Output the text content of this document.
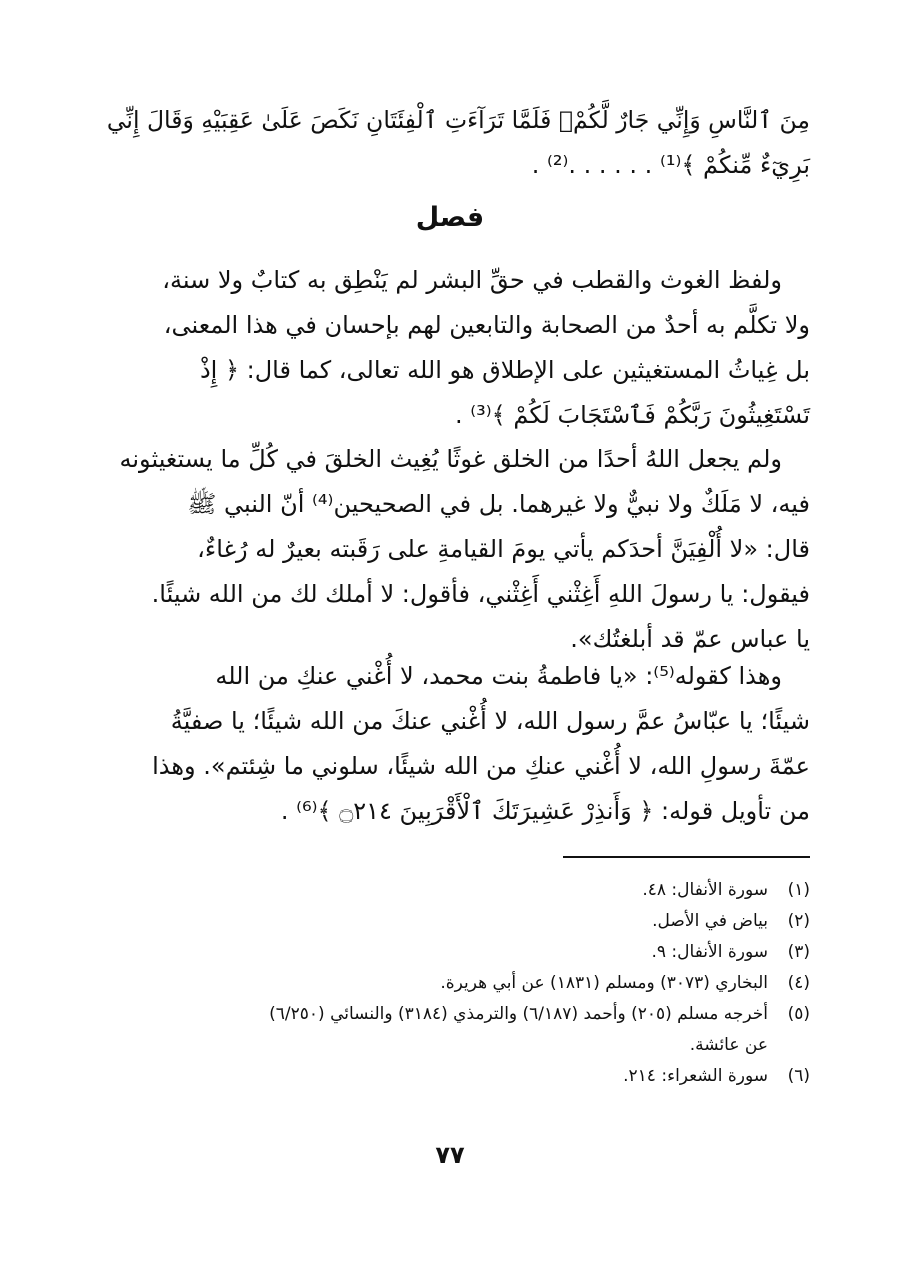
مِنَ ٱلنَّاسِ وَإِنِّي جَارٌ لَّكُمْۖ فَلَمَّا تَرَآءَتِ ٱلْفِئَتَانِ نَكَصَ عَلَىٰ عَقِبَيْهِ وَقَالَ إِنِّي
بَرِيٓءٌ مِّنكُمْ ﴾⁽¹⁾ . . . . . .⁽²⁾ .
فصل
ولفظ الغوث والقطب في حقِّ البشر لم يَنْطِق به كتابٌ ولا سنة،
ولا تكلَّم به أحدٌ من الصحابة والتابعين لهم بإحسان في هذا المعنى،
بل غِياثُ المستغيثين على الإطلاق هو الله تعالى، كما قال: ﴿ إِذْ
تَسْتَغِيثُونَ رَبَّكُمْ فَٱسْتَجَابَ لَكُمْ ﴾⁽³⁾ .
ولم يجعل اللهُ أحدًا من الخلق غوثًا يُغِيث الخلقَ في كُلِّ ما يستغيثونه
فيه، لا مَلَكٌ ولا نبيٌّ ولا غيرهما. بل في الصحيحين⁽⁴⁾ أنّ النبي ﷺ
قال: «لا أُلْفِيَنَّ أحدَكم يأتي يومَ القيامةِ على رَقَبته بعيرٌ له رُغاءٌ،
فيقول: يا رسولَ اللهِ أَغِثْني أَغِثْني، فأقول: لا أملك لك من الله شيئًا.
يا عباس عمّ قد أبلغتُك».
وهذا كقوله⁽⁵⁾: «يا فاطمةُ بنت محمد، لا أُغْني عنكِ من الله
شيئًا؛ يا عبّاسُ عمَّ رسول الله، لا أُغْني عنكَ من الله شيئًا؛ يا صفيَّةُ
عمّةَ رسولِ الله، لا أُغْني عنكِ من الله شيئًا، سلوني ما شِئتم». وهذا
من تأويل قوله: ﴿ وَأَنذِرْ عَشِيرَتَكَ ٱلْأَقْرَبِينَ ۝٢١٤ ﴾⁽⁶⁾ .
(١)
سورة الأنفال: ٤٨.
(٢)
بياض في الأصل.
(٣)
سورة الأنفال: ٩.
(٤)
البخاري (٣٠٧٣) ومسلم (١٨٣١) عن أبي هريرة.
(٥)
أخرجه مسلم (٢٠٥) وأحمد (٦/١٨٧) والترمذي (٣١٨٤) والنسائي (٦/٢٥٠)
عن عائشة.
(٦)
سورة الشعراء: ٢١٤.
٧٧
